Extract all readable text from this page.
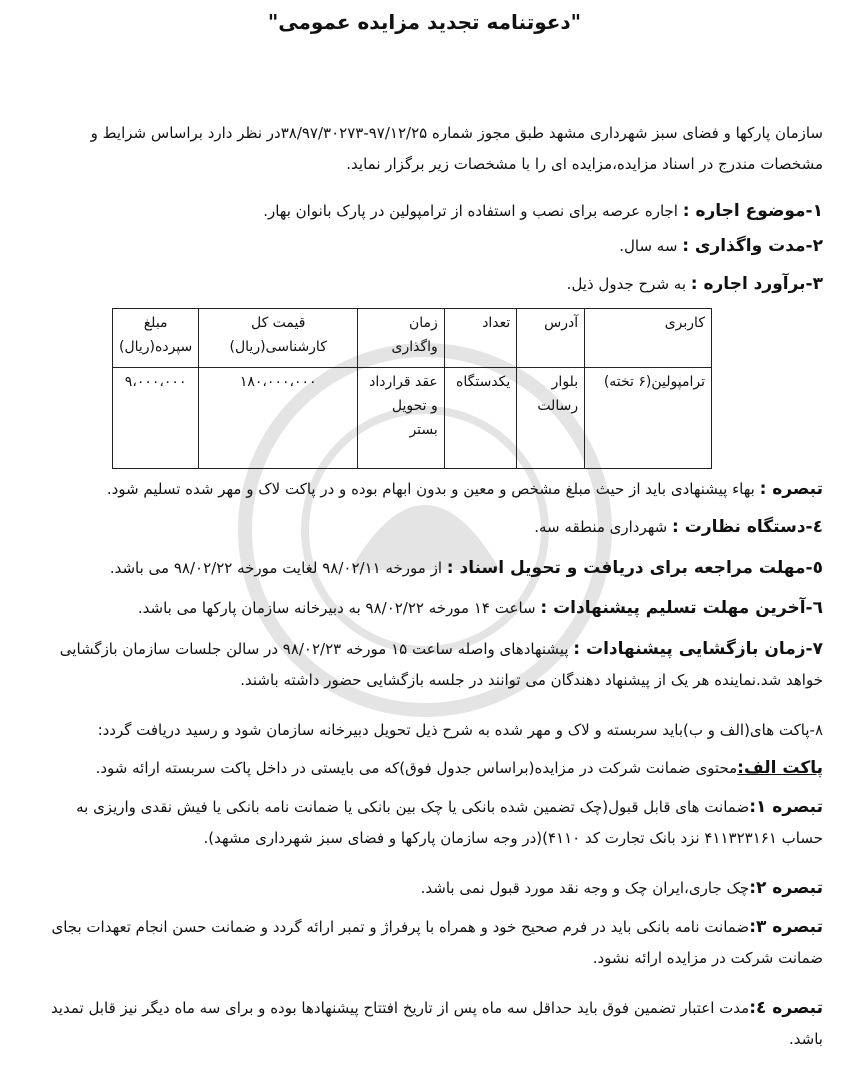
"دعوتنامه تجدید مزایده عمومی"
سازمان پارکها و فضای سبز شهرداری مشهد طبق مجوز شماره ۹۷/۱۲/۲۵-۳۸/۹۷/۳۰۲۷۳در نظر دارد براساس شرایط و
مشخصات مندرج در اسناد مزایده،مزایده ای را با مشخصات زیر برگزار نماید.
۱-موضوع اجاره : اجاره عرصه برای نصب و استفاده از ترامپولین در پارک بانوان بهار.
۲-مدت واگذاری : سه سال.
۳-برآورد اجاره : به شرح جدول ذیل.
کاربری	آدرس	تعداد	زمان واگذاری	قیمت کل کارشناسی(ریال)	مبلغ سپرده(ریال)
ترامپولین(۶ تخته)	بلوار رسالت	یکدستگاه	عقد قرارداد و تحویل بستر	۱۸۰،۰۰۰،۰۰۰	۹،۰۰۰،۰۰۰
تبصره : بهاء پیشنهادی باید از حیث مبلغ مشخص و معین و بدون ابهام بوده و در پاکت لاک و مهر شده تسلیم شود.
٤-دستگاه نظارت : شهرداری منطقه سه.
٥-مهلت مراجعه برای دریافت و تحویل اسناد : از مورخه ۹۸/۰۲/۱۱ لغایت مورخه ۹۸/۰۲/۲۲ می باشد.
٦-آخرین مهلت تسلیم پیشنهادات : ساعت ۱۴ مورخه ۹۸/۰۲/۲۲ به دبیرخانه سازمان پارکها می باشد.
۷-زمان بازگشایی پیشنهادات : پیشنهادهای واصله ساعت ۱۵ مورخه ۹۸/۰۲/۲۳ در سالن جلسات سازمان بازگشایی
خواهد شد.نماینده هر یک از پیشنهاد دهندگان می توانند در جلسه بازگشایی حضور داشته باشند.
۸-پاکت های(الف و ب)باید سربسته و لاک و مهر شده به شرح ذیل تحویل دبیرخانه سازمان شود و رسید دریافت گردد:
پاکت الف:محتوی ضمانت شرکت در مزایده(براساس جدول فوق)که می بایستی در داخل پاکت سربسته ارائه شود.
تبصره ۱:ضمانت های قابل قبول(چک تضمین شده بانکی یا چک بین بانکی یا ضمانت نامه بانکی یا فیش نقدی واریزی به
حساب ۴۱۱۳۲۳۱۶۱ نزد بانک تجارت کد ۴۱۱۰)(در وجه سازمان پارکها و فضای سبز شهرداری مشهد).
تبصره ۲:چک جاری،ایران چک و وجه نقد مورد قبول نمی باشد.
تبصره ۳:ضمانت نامه بانکی باید در فرم صحیح خود و همراه با پرفراژ و تمبر ارائه گردد و ضمانت حسن انجام تعهدات بجای
ضمانت شرکت در مزایده ارائه نشود.
تبصره ٤:مدت اعتبار تضمین فوق باید حداقل سه ماه پس از تاریخ افتتاح پیشنهادها بوده و برای سه ماه دیگر نیز قابل تمدید
باشد.
